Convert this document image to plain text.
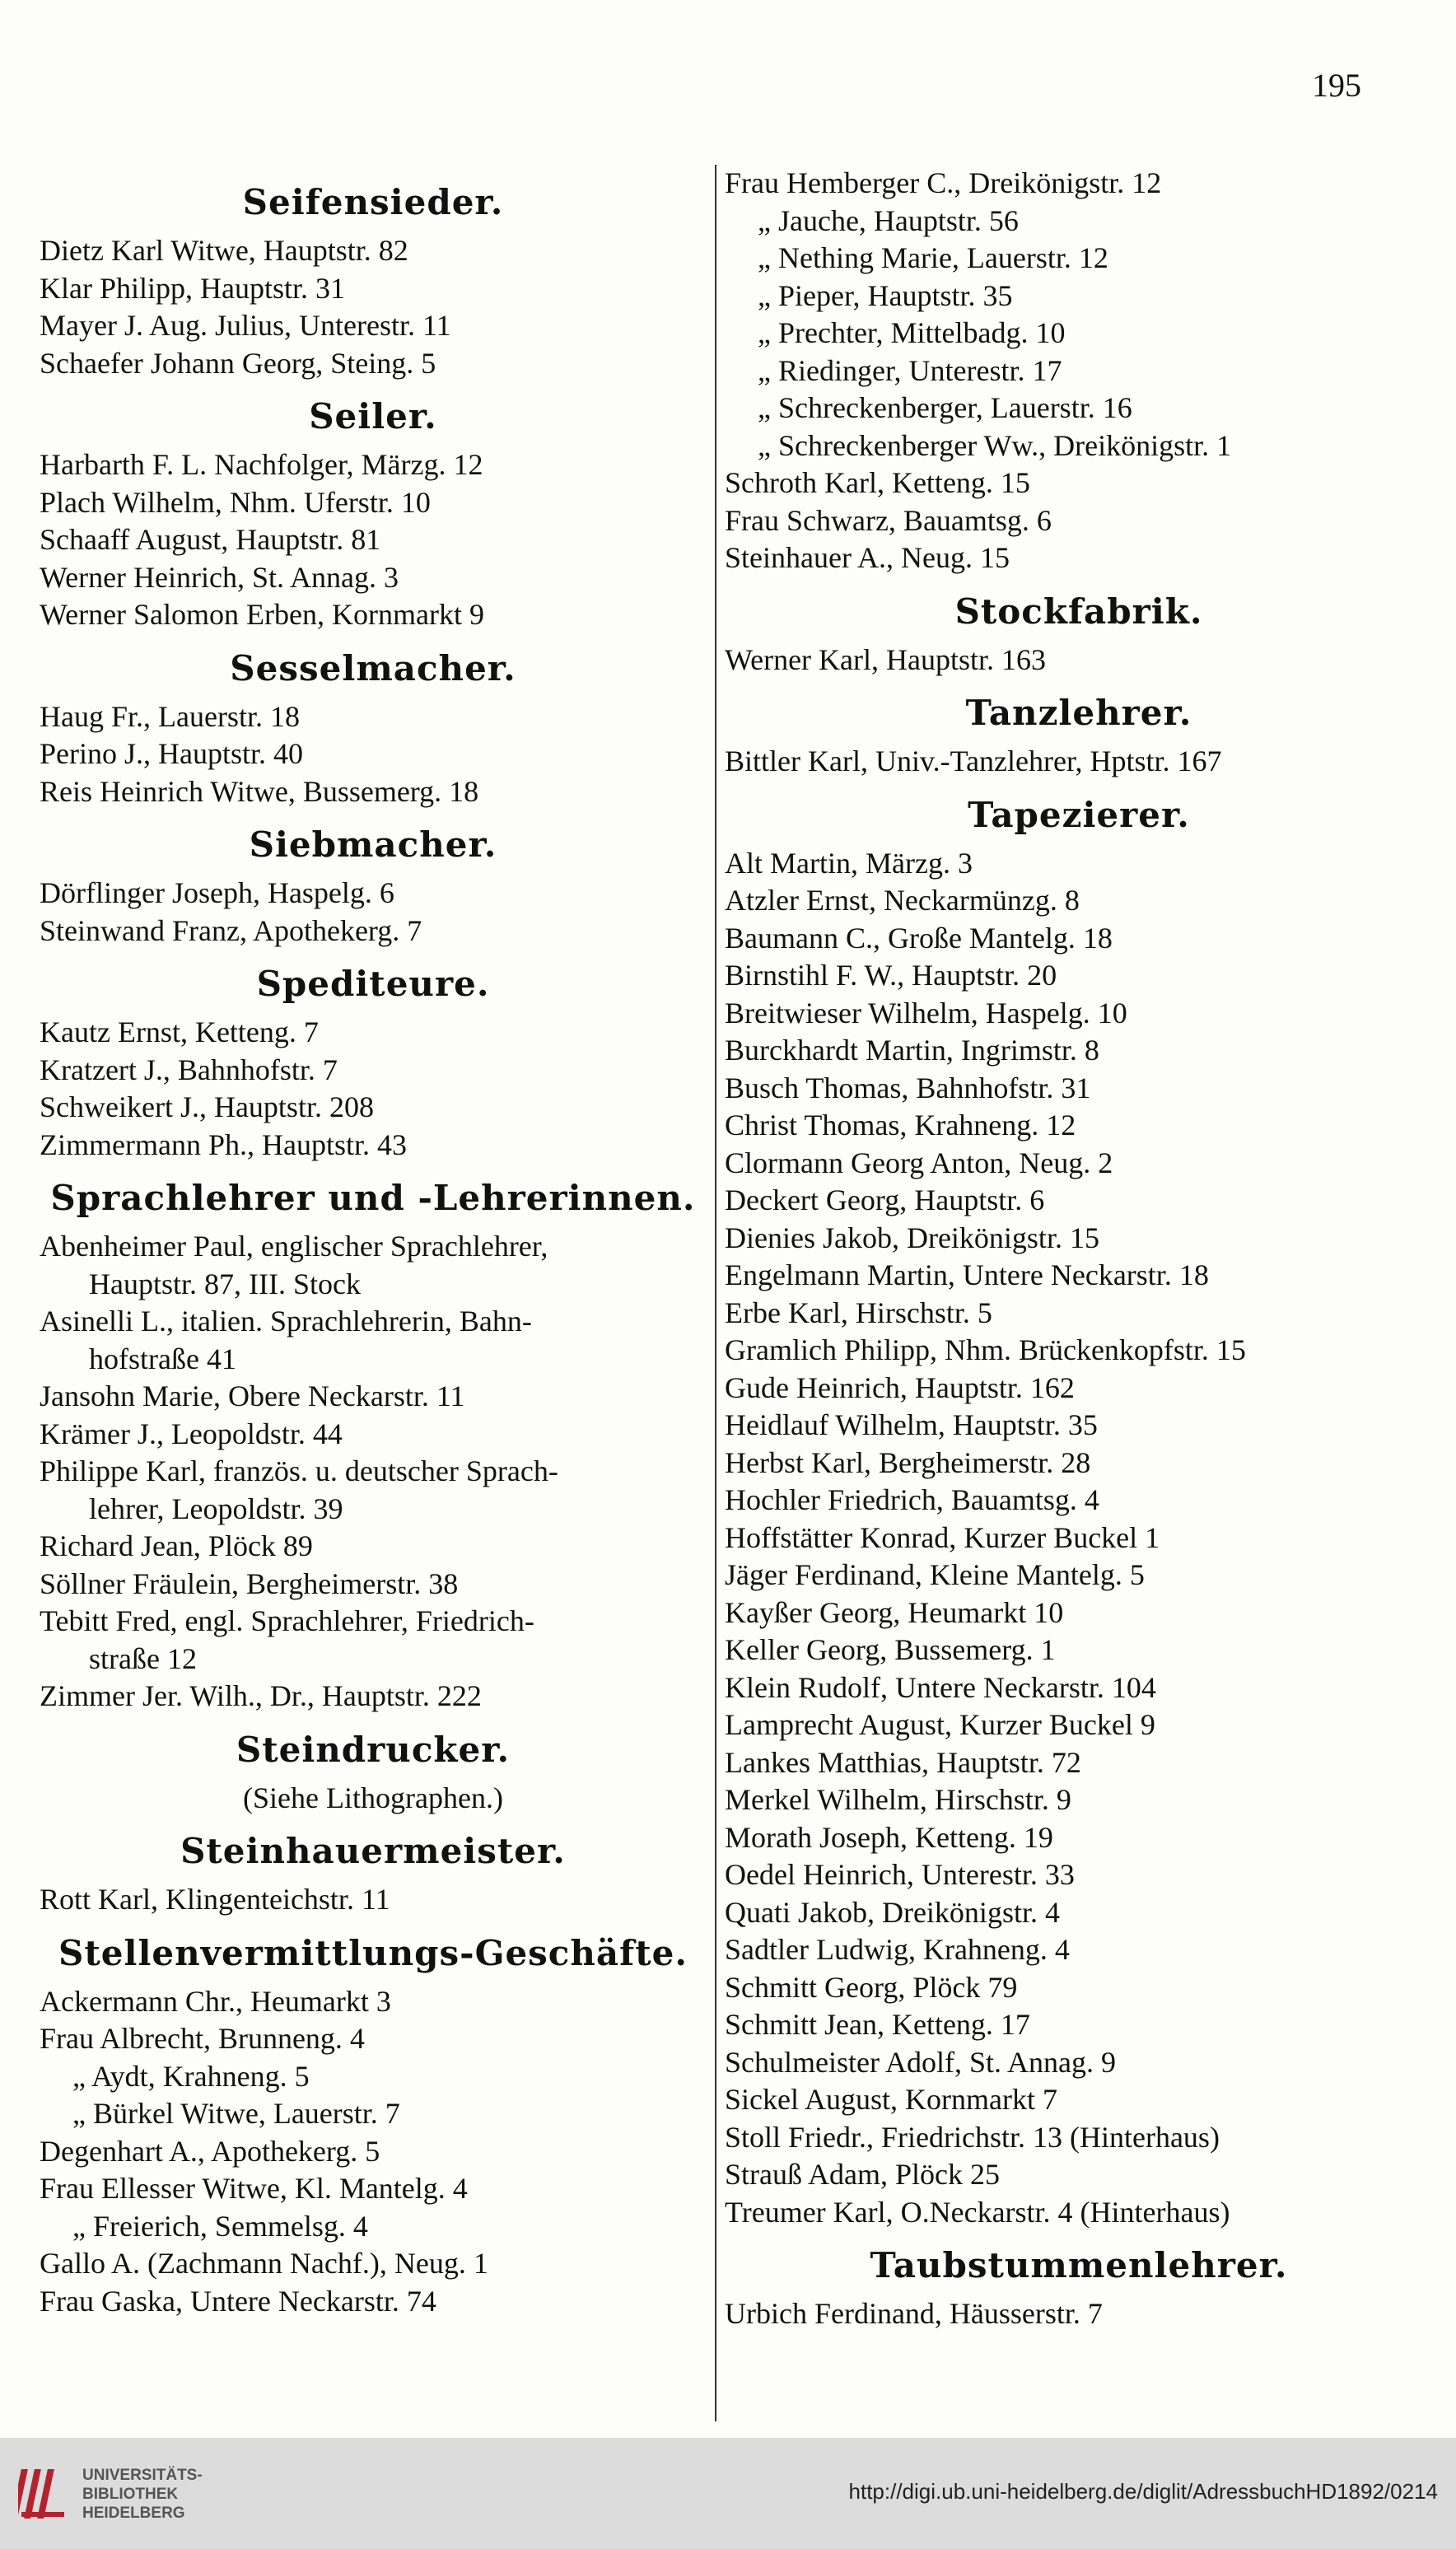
195
Seifensieder.
Dietz Karl Witwe, Hauptstr. 82
Klar Philipp, Hauptstr. 31
Mayer J. Aug. Julius, Unterestr. 11
Schaefer Johann Georg, Steing. 5
Seiler.
Harbarth F. L. Nachfolger, Märzg. 12
Plach Wilhelm, Nhm. Uferstr. 10
Schaaff August, Hauptstr. 81
Werner Heinrich, St. Annag. 3
Werner Salomon Erben, Kornmarkt 9
Sesselmacher.
Haug Fr., Lauerstr. 18
Perino J., Hauptstr. 40
Reis Heinrich Witwe, Bussemerg. 18
Siebmacher.
Dörflinger Joseph, Haspelg. 6
Steinwand Franz, Apothekerg. 7
Spediteure.
Kautz Ernst, Ketteng. 7
Kratzert J., Bahnhofstr. 7
Schweikert J., Hauptstr. 208
Zimmermann Ph., Hauptstr. 43
Sprachlehrer und -Lehrerinnen.
Abenheimer Paul, englischer Sprachlehrer,
Hauptstr. 87, III. Stock
Asinelli L., italien. Sprachlehrerin, Bahn-
hofstraße 41
Jansohn Marie, Obere Neckarstr. 11
Krämer J., Leopoldstr. 44
Philippe Karl, französ. u. deutscher Sprach-
lehrer, Leopoldstr. 39
Richard Jean, Plöck 89
Söllner Fräulein, Bergheimerstr. 38
Tebitt Fred, engl. Sprachlehrer, Friedrich-
straße 12
Zimmer Jer. Wilh., Dr., Hauptstr. 222
Steindrucker.
(Siehe Lithographen.)
Steinhauermeister.
Rott Karl, Klingenteichstr. 11
Stellenvermittlungs-Geschäfte.
Ackermann Chr., Heumarkt 3
Frau Albrecht, Brunneng. 4
„ Aydt, Krahneng. 5
„ Bürkel Witwe, Lauerstr. 7
Degenhart A., Apothekerg. 5
Frau Ellesser Witwe, Kl. Mantelg. 4
„ Freierich, Semmelsg. 4
Gallo A. (Zachmann Nachf.), Neug. 1
Frau Gaska, Untere Neckarstr. 74
Frau Hemberger C., Dreikönigstr. 12
„ Jauche, Hauptstr. 56
„ Nething Marie, Lauerstr. 12
„ Pieper, Hauptstr. 35
„ Prechter, Mittelbadg. 10
„ Riedinger, Unterestr. 17
„ Schreckenberger, Lauerstr. 16
„ Schreckenberger Ww., Dreikönigstr. 1
Schroth Karl, Ketteng. 15
Frau Schwarz, Bauamtsg. 6
Steinhauer A., Neug. 15
Stockfabrik.
Werner Karl, Hauptstr. 163
Tanzlehrer.
Bittler Karl, Univ.-Tanzlehrer, Hptstr. 167
Tapezierer.
Alt Martin, Märzg. 3
Atzler Ernst, Neckarmünzg. 8
Baumann C., Große Mantelg. 18
Birnstihl F. W., Hauptstr. 20
Breitwieser Wilhelm, Haspelg. 10
Burckhardt Martin, Ingrimstr. 8
Busch Thomas, Bahnhofstr. 31
Christ Thomas, Krahneng. 12
Clormann Georg Anton, Neug. 2
Deckert Georg, Hauptstr. 6
Dienies Jakob, Dreikönigstr. 15
Engelmann Martin, Untere Neckarstr. 18
Erbe Karl, Hirschstr. 5
Gramlich Philipp, Nhm. Brückenkopfstr. 15
Gude Heinrich, Hauptstr. 162
Heidlauf Wilhelm, Hauptstr. 35
Herbst Karl, Bergheimerstr. 28
Hochler Friedrich, Bauamtsg. 4
Hoffstätter Konrad, Kurzer Buckel 1
Jäger Ferdinand, Kleine Mantelg. 5
Kayßer Georg, Heumarkt 10
Keller Georg, Bussemerg. 1
Klein Rudolf, Untere Neckarstr. 104
Lamprecht August, Kurzer Buckel 9
Lankes Matthias, Hauptstr. 72
Merkel Wilhelm, Hirschstr. 9
Morath Joseph, Ketteng. 19
Oedel Heinrich, Unterestr. 33
Quati Jakob, Dreikönigstr. 4
Sadtler Ludwig, Krahneng. 4
Schmitt Georg, Plöck 79
Schmitt Jean, Ketteng. 17
Schulmeister Adolf, St. Annag. 9
Sickel August, Kornmarkt 7
Stoll Friedr., Friedrichstr. 13 (Hinterhaus)
Strauß Adam, Plöck 25
Treumer Karl, O.Neckarstr. 4 (Hinterhaus)
Taubstummenlehrer.
Urbich Ferdinand, Häusserstr. 7
UNIVERSITÄTS-
BIBLIOTHEK
HEIDELBERG
http://digi.ub.uni-heidelberg.de/diglit/AdressbuchHD1892/0214
